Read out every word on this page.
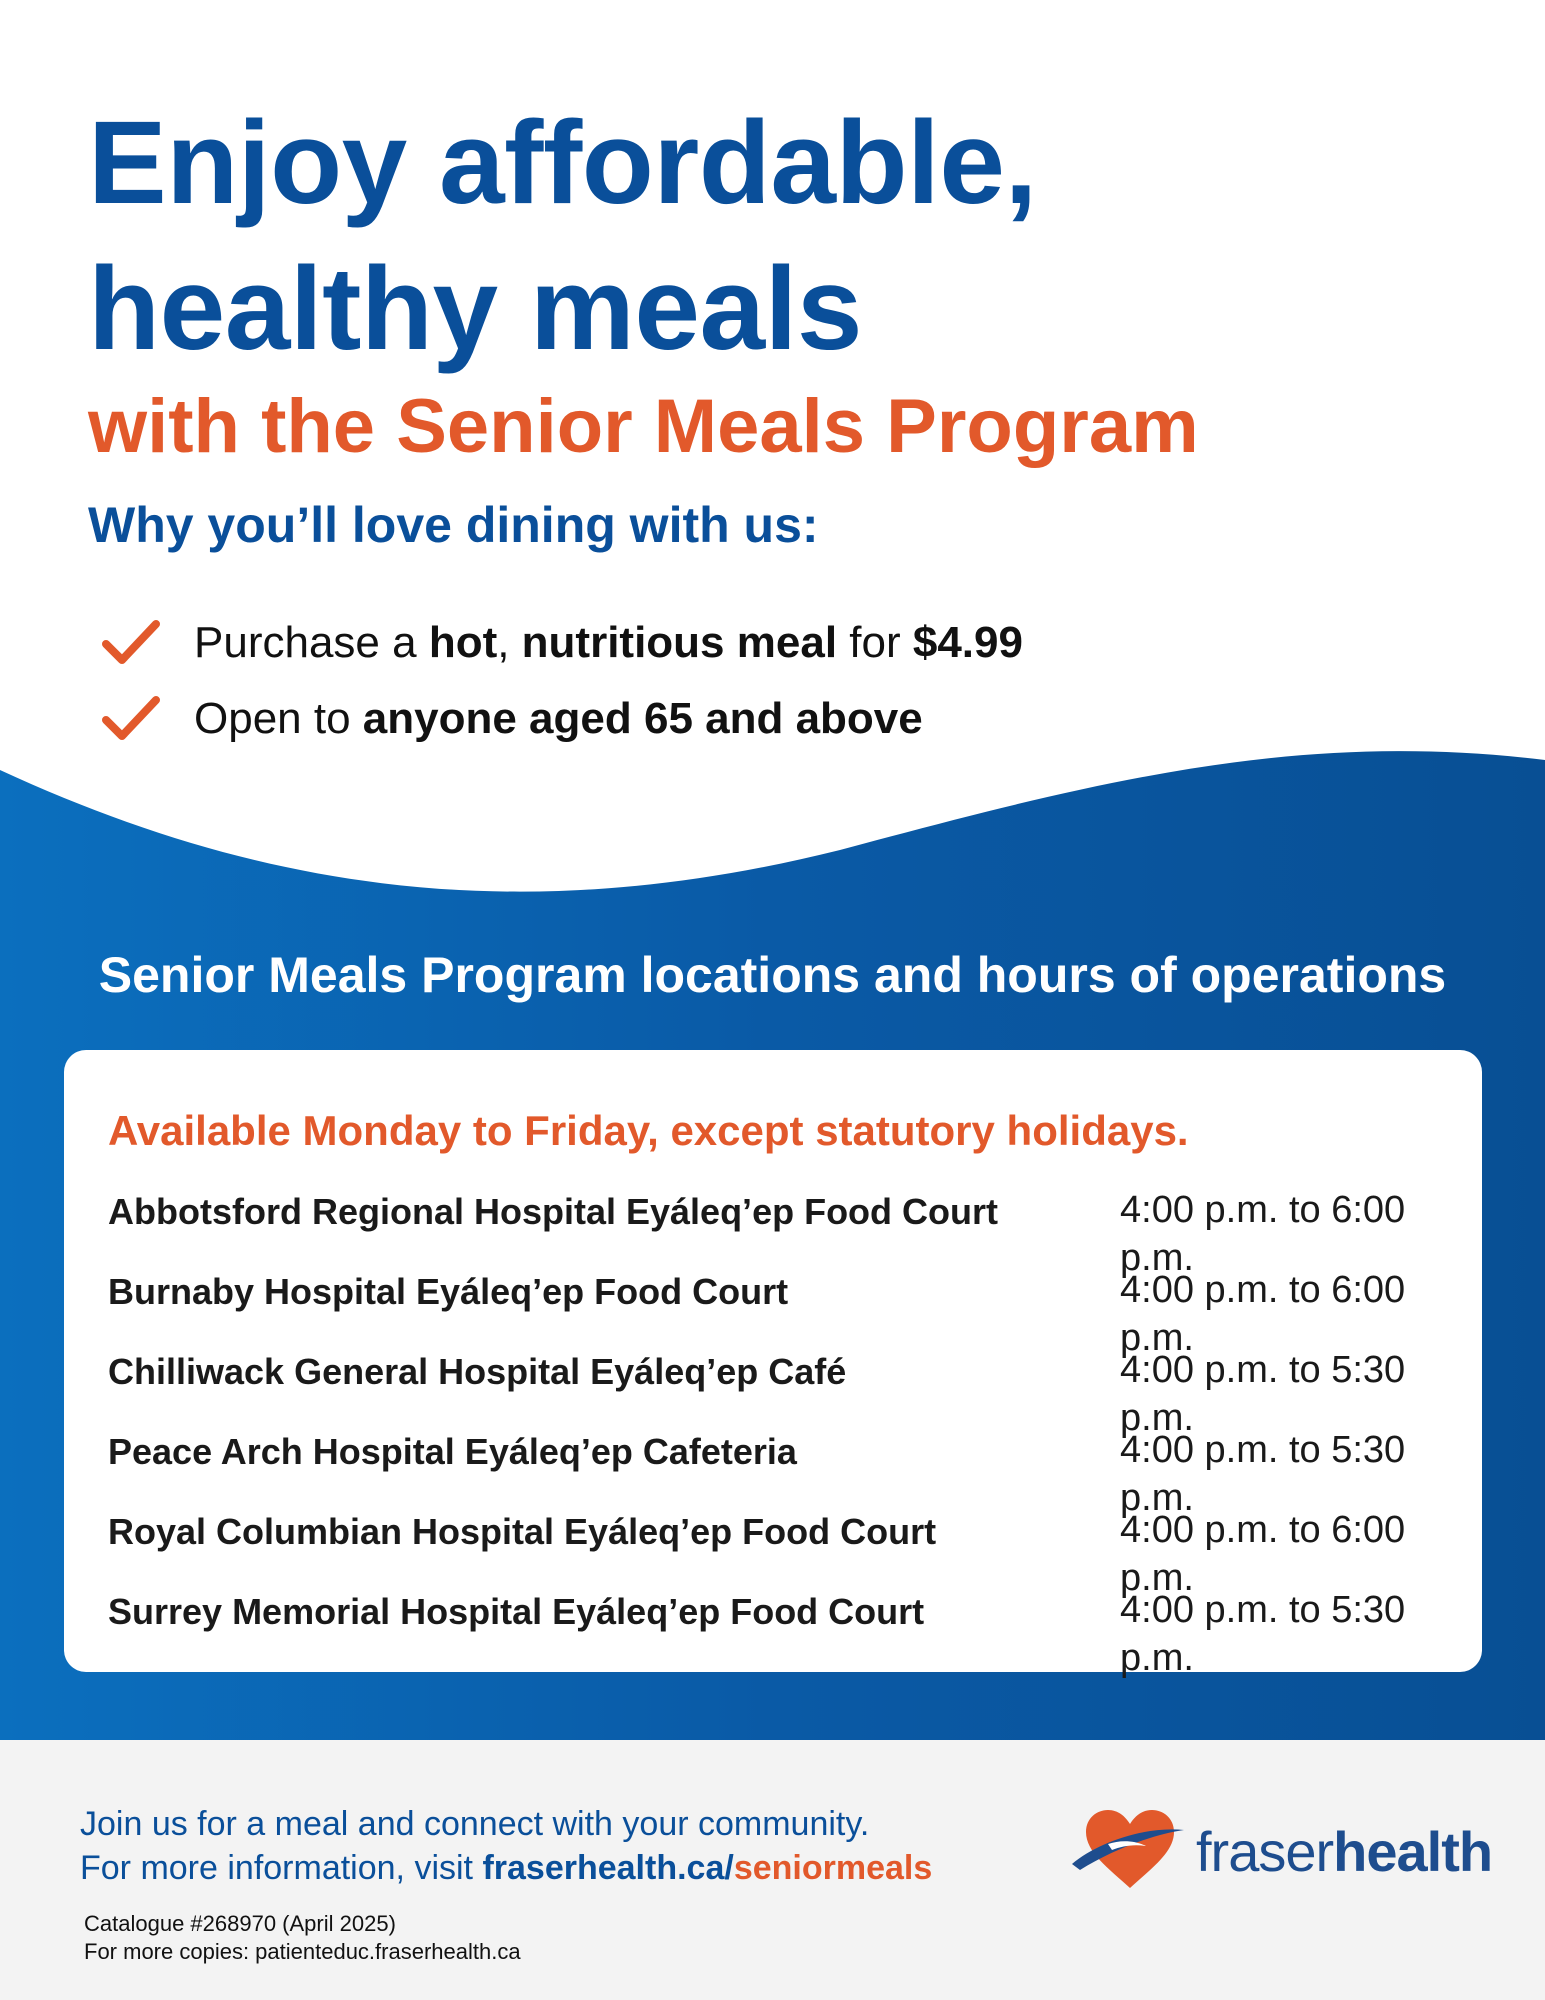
Enjoy affordable,
healthy meals
with the Senior Meals Program
Why you’ll love dining with us:
Purchase a hot, nutritious meal for $4.99
Open to anyone aged 65 and above
Senior Meals Program locations and hours of operations

Available Monday to Friday, except statutory holidays.

Abbotsford Regional Hospital Eyáleq’ep Food Court	4:00 p.m. to 6:00 p.m.
Burnaby Hospital Eyáleq’ep Food Court	4:00 p.m. to 6:00 p.m.
Chilliwack General Hospital Eyáleq’ep Café	4:00 p.m. to 5:30 p.m.
Peace Arch Hospital Eyáleq’ep Cafeteria	4:00 p.m. to 5:30 p.m.
Royal Columbian Hospital Eyáleq’ep Food Court	4:00 p.m. to 6:00 p.m.
Surrey Memorial Hospital Eyáleq’ep Food Court	4:00 p.m. to 5:30 p.m.
Join us for a meal and connect with your community.
For more information, visit fraserhealth.ca/seniormeals
Catalogue #268970 (April 2025)
For more copies: patienteduc.fraserhealth.ca
fraserhealth
